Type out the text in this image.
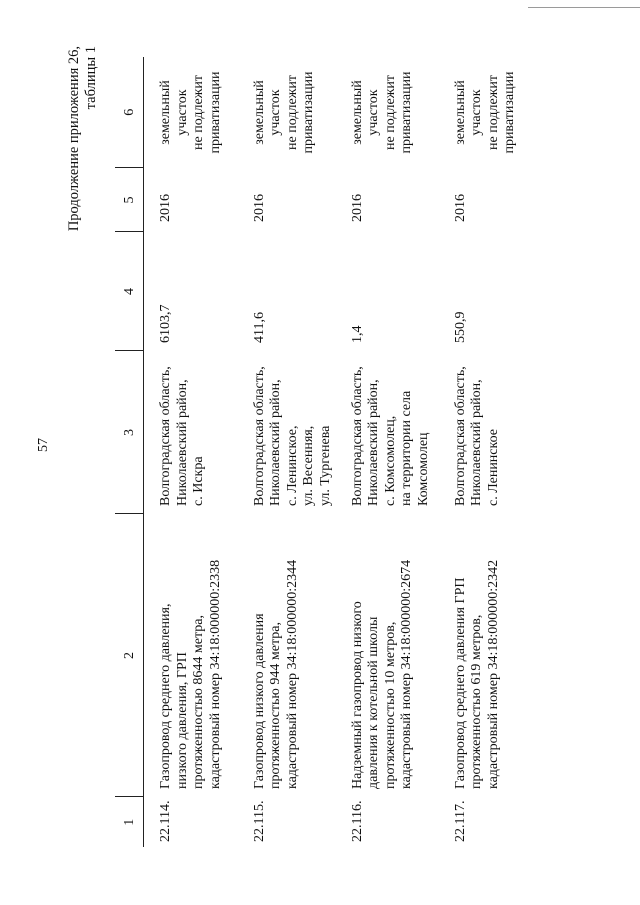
57
Продолжение приложения 26, таблицы 1
1	2	3	4	5	6
22.114.	Газопровод среднего давления, низкого давления, ГРП протяженностью 8644 метра, кадастровый номер 34:18:000000:2338	Волгоградская область, Николаевский район, с. Искра	6103,7	2016	земельный участок не подлежит приватизации

22.115.	Газопровод низкого давления протяженностью 944 метра, кадастровый номер 34:18:000000:2344	Волгоградская область, Николаевский район, с. Ленинское, ул. Весенняя, ул. Тургенева	411,6	2016	земельный участок не подлежит приватизации

22.116.	Надземный газопровод низкого давления к котельной школы протяженностью 10 метров, кадастровый номер 34:18:000000:2674	Волгоградская область, Николаевский район, с. Комсомолец, на территории села Комсомолец	1,4	2016	земельный участок не подлежит приватизации

22.117.	Газопровод среднего давления ГРП протяженностью 619 метров, кадастровый номер 34:18:000000:2342	Волгоградская область, Николаевский район, с. Ленинское	550,9	2016	земельный участок не подлежит приватизации
